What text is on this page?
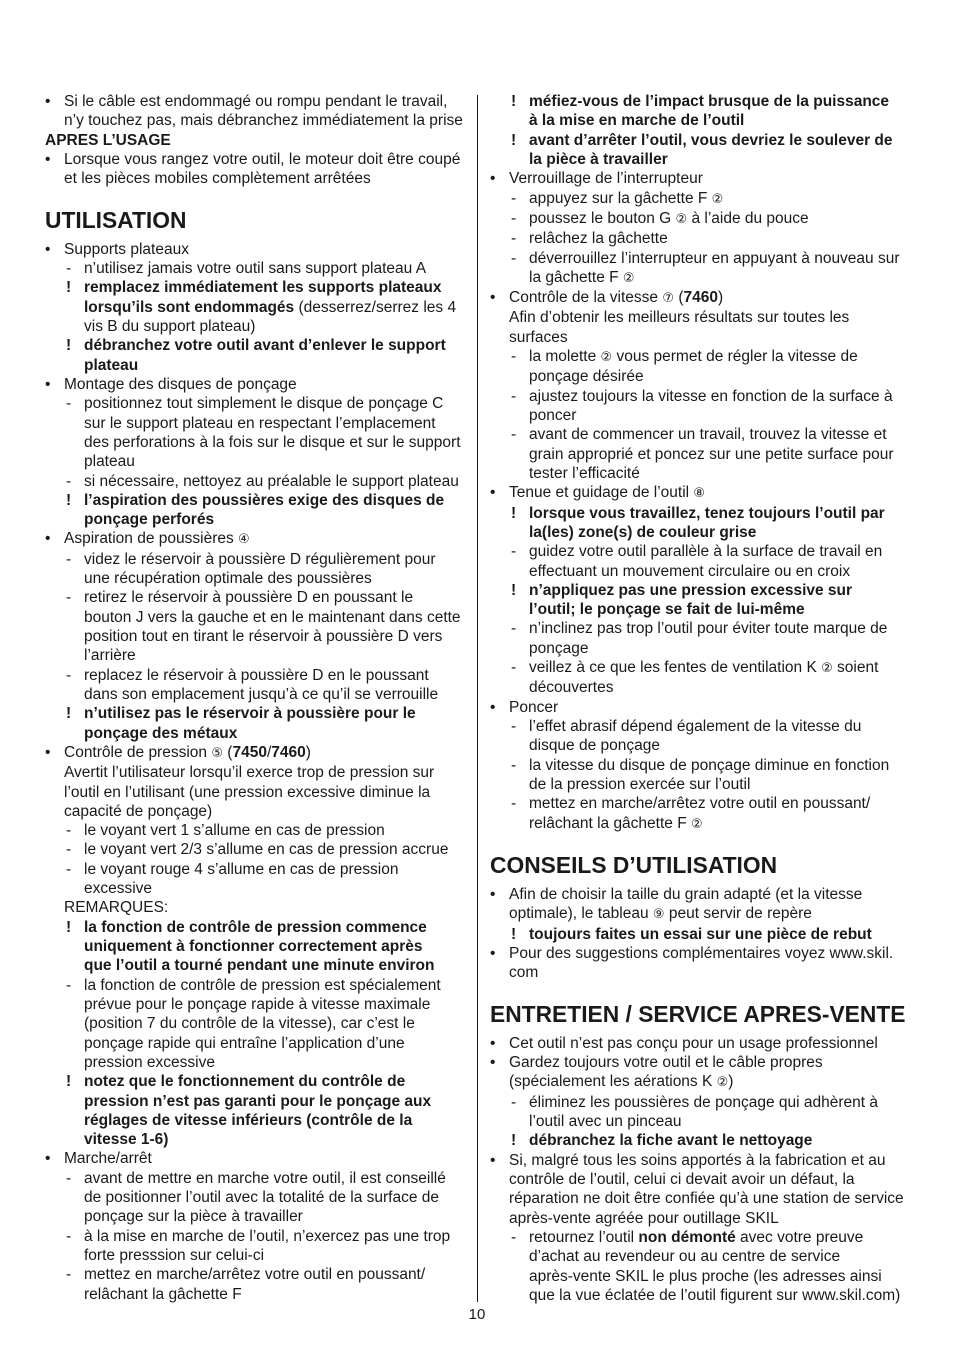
• Si le câble est endommagé ou rompu pendant le travail,
n’y touchez pas, mais débranchez immédiatement la prise
APRES L’USAGE
• Lorsque vous rangez votre outil, le moteur doit être coupé
et les pièces mobiles complètement arrêtées
UTILISATION
• Supports plateaux
- n’utilisez jamais votre outil sans support plateau A
! remplacez immédiatement les supports plateaux
lorsqu’ils sont endommagés (desserrez/serrez les 4
vis B du support plateau)
! débranchez votre outil avant d’enlever le support
plateau
• Montage des disques de ponçage
- positionnez tout simplement le disque de ponçage C
sur le support plateau en respectant l’emplacement
des perforations à la fois sur le disque et sur le support
plateau
- si nécessaire, nettoyez au préalable le support plateau
! l’aspiration des poussières exige des disques de
ponçage perforés
• Aspiration de poussières ④
- videz le réservoir à poussière D régulièrement pour
une récupération optimale des poussières
- retirez le réservoir à poussière D en poussant le
bouton J vers la gauche et en le maintenant dans cette
position tout en tirant le réservoir à poussière D vers
l’arrière
- replacez le réservoir à poussière D en le poussant
dans son emplacement jusqu’à ce qu’il se verrouille
! n’utilisez pas le réservoir à poussière pour le
ponçage des métaux
• Contrôle de pression ⑤ (7450/7460)
Avertit l’utilisateur lorsqu’il exerce trop de pression sur
l’outil en l’utilisant (une pression excessive diminue la
capacité de ponçage)
- le voyant vert 1 s’allume en cas de pression
- le voyant vert 2/3 s’allume en cas de pression accrue
- le voyant rouge 4 s’allume en cas de pression
excessive
REMARQUES:
! la fonction de contrôle de pression commence
uniquement à fonctionner correctement après
que l’outil a tourné pendant une minute environ
- la fonction de contrôle de pression est spécialement
prévue pour le ponçage rapide à vitesse maximale
(position 7 du contrôle de la vitesse), car c’est le
ponçage rapide qui entraîne l’application d’une
pression excessive
! notez que le fonctionnement du contrôle de
pression n’est pas garanti pour le ponçage aux
réglages de vitesse inférieurs (contrôle de la
vitesse 1-6)
• Marche/arrêt
- avant de mettre en marche votre outil, il est conseillé
de positionner l’outil avec la totalité de la surface de
ponçage sur la pièce à travailler
- à la mise en marche de l’outil, n’exercez pas une trop
forte presssion sur celui-ci
- mettez en marche/arrêtez votre outil en poussant/
relâchant la gâchette F
! méfiez-vous de l’impact brusque de la puissance
à la mise en marche de l’outil
! avant d’arrêter l’outil, vous devriez le soulever de
la pièce à travailler
• Verrouillage de l’interrupteur
- appuyez sur la gâchette F ②
- poussez le bouton G ② à l’aide du pouce
- relâchez la gâchette
- déverrouillez l’interrupteur en appuyant à nouveau sur
la gâchette F ②
• Contrôle de la vitesse ⑦ (7460)
Afin d’obtenir les meilleurs résultats sur toutes les
surfaces
- la molette ② vous permet de régler la vitesse de
ponçage désirée
- ajustez toujours la vitesse en fonction de la surface à
poncer
- avant de commencer un travail, trouvez la vitesse et
grain approprié et poncez sur une petite surface pour
tester l’efficacité
• Tenue et guidage de l’outil ⑧
! lorsque vous travaillez, tenez toujours l’outil par
la(les) zone(s) de couleur grise
- guidez votre outil parallèle à la surface de travail en
effectuant un mouvement circulaire ou en croix
! n’appliquez pas une pression excessive sur
l’outil; le ponçage se fait de lui-même
- n’inclinez pas trop l’outil pour éviter toute marque de
ponçage
- veillez à ce que les fentes de ventilation K ② soient
découvertes
• Poncer
- l’effet abrasif dépend également de la vitesse du
disque de ponçage
- la vitesse du disque de ponçage diminue en fonction
de la pression exercée sur l’outil
- mettez en marche/arrêtez votre outil en poussant/
relâchant la gâchette F ②
CONSEILS D’UTILISATION
• Afin de choisir la taille du grain adapté (et la vitesse
optimale), le tableau ⑨ peut servir de repère
! toujours faites un essai sur une pièce de rebut
• Pour des suggestions complémentaires voyez www.skil.
com
ENTRETIEN / SERVICE APRES-VENTE
• Cet outil n’est pas conçu pour un usage professionnel
• Gardez toujours votre outil et le câble propres
(spécialement les aérations K ②)
- éliminez les poussières de ponçage qui adhèrent à
l’outil avec un pinceau
! débranchez la fiche avant le nettoyage
• Si, malgré tous les soins apportés à la fabrication et au
contrôle de l’outil, celui ci devait avoir un défaut, la
réparation ne doit être confiée qu’à une station de service
après-vente agréée pour outillage SKIL
- retournez l’outil non démonté avec votre preuve
d’achat au revendeur ou au centre de service
après-vente SKIL le plus proche (les adresses ainsi
que la vue éclatée de l’outil figurent sur www.skil.com)
10
